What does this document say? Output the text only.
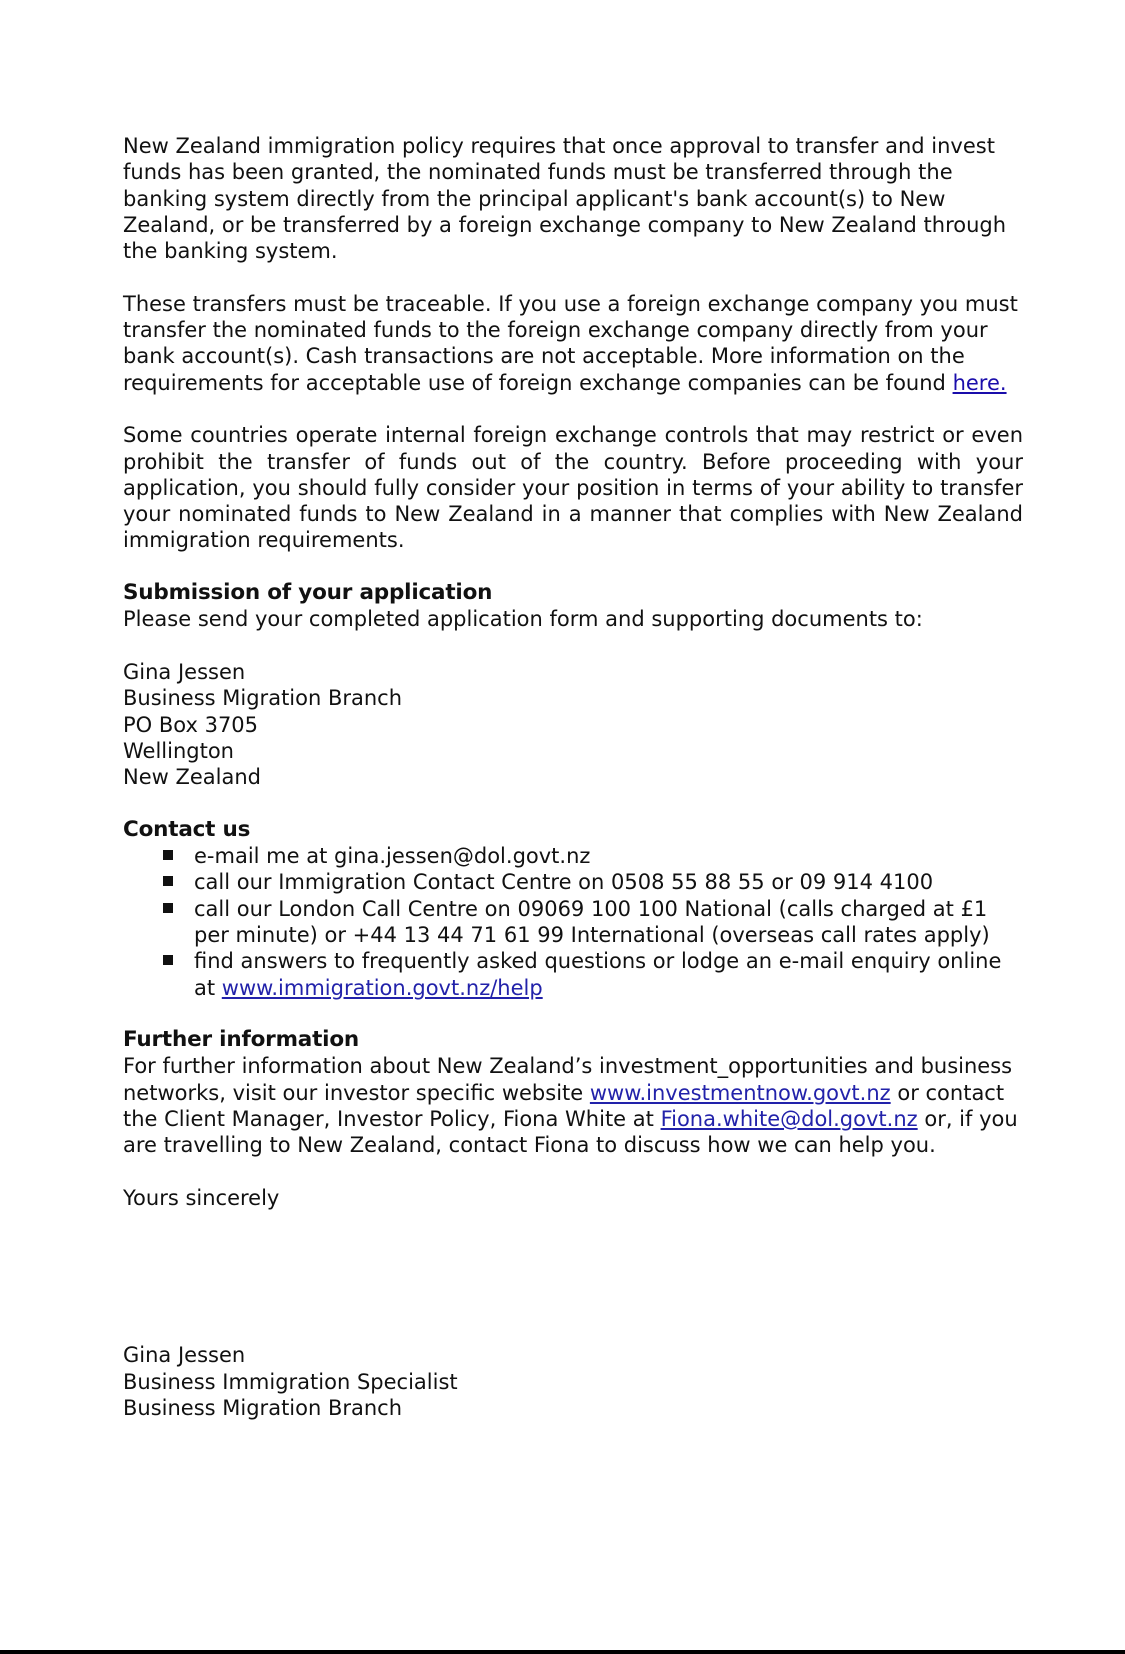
New Zealand immigration policy requires that once approval to transfer and invest funds has been granted, the nominated funds must be transferred through the banking system directly from the principal applicant's bank account(s) to New Zealand, or be transferred by a foreign exchange company to New Zealand through the banking system.

These transfers must be traceable. If you use a foreign exchange company you must transfer the nominated funds to the foreign exchange company directly from your bank account(s). Cash transactions are not acceptable. More information on the requirements for acceptable use of foreign exchange companies can be found here.

Some countries operate internal foreign exchange controls that may restrict or even prohibit the transfer of funds out of the country. Before proceeding with your application, you should fully consider your position in terms of your ability to transfer your nominated funds to New Zealand in a manner that complies with New Zealand immigration requirements.

Submission of your application

Please send your completed application form and supporting documents to:

Gina Jessen
Business Migration Branch
PO Box 3705
Wellington
New Zealand

Contact us
e-mail me at gina.jessen@dol.govt.nz
call our Immigration Contact Centre on 0508 55 88 55 or 09 914 4100
call our London Call Centre on 09069 100 100 National (calls charged at £1 per minute) or +44 13 44 71 61 99 International (overseas call rates apply)
find answers to frequently asked questions or lodge an e-mail enquiry online at www.immigration.govt.nz/help
Further information

For further information about New Zealand’s investment_opportunities and business networks, visit our investor specific website www.investmentnow.govt.nz or contact the Client Manager, Investor Policy, Fiona White at Fiona.white@dol.govt.nz or, if you are travelling to New Zealand, contact Fiona to discuss how we can help you.

Yours sincerely

Gina Jessen
Business Immigration Specialist
Business Migration Branch
